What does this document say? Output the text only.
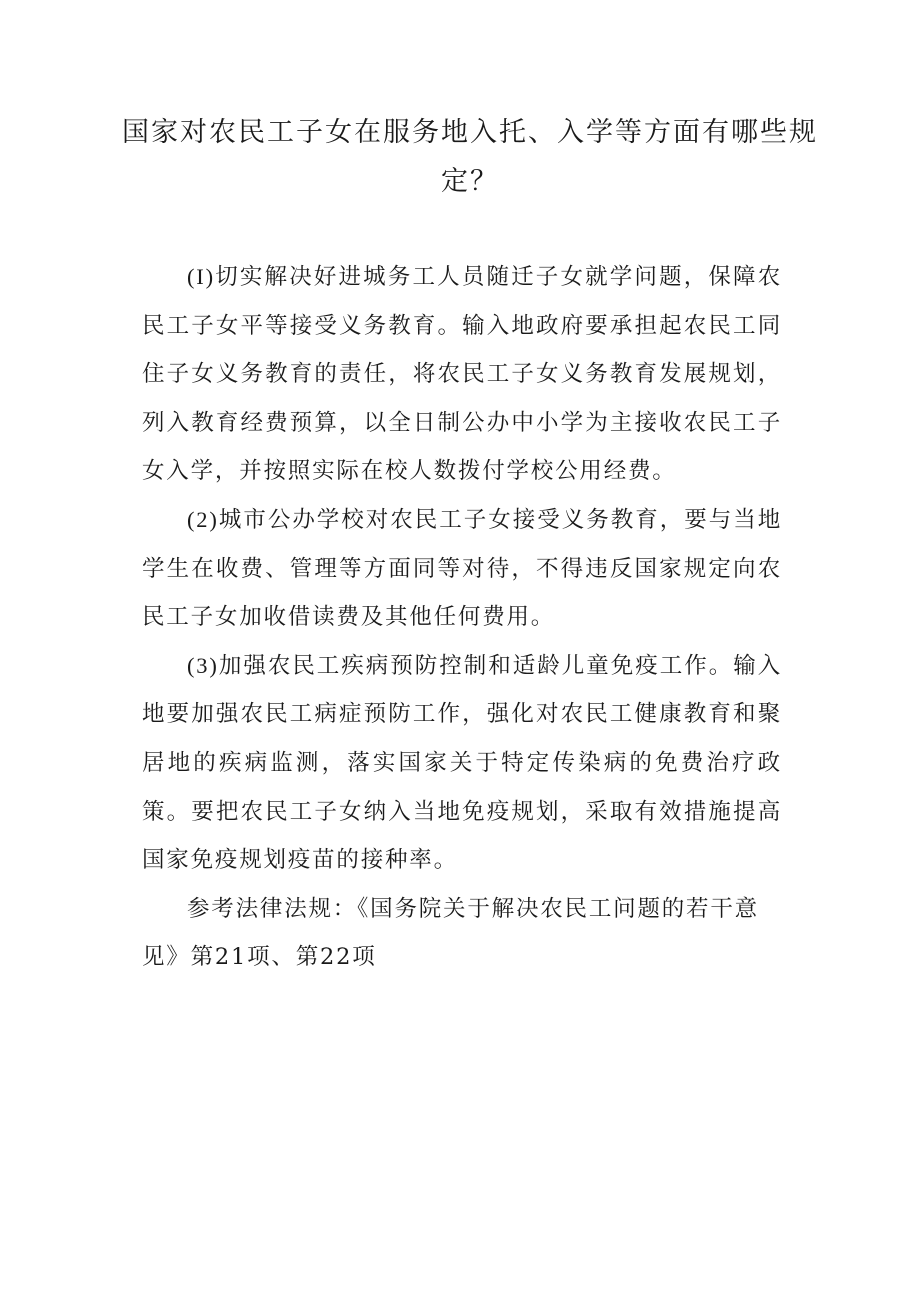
国家对农民工子女在服务地入托、入学等方面有哪些规定？

(I)切实解决好进城务工人员随迁子女就学问题，保障农民工子女平等接受义务教育。输入地政府要承担起农民工同住子女义务教育的责任，将农民工子女义务教育发展规划，列入教育经费预算，以全日制公办中小学为主接收农民工子女入学，并按照实际在校人数拨付学校公用经费。

(2)城市公办学校对农民工子女接受义务教育，要与当地学生在收费、管理等方面同等对待，不得违反国家规定向农民工子女加收借读费及其他任何费用。

(3)加强农民工疾病预防控制和适龄儿童免疫工作。输入地要加强农民工病症预防工作，强化对农民工健康教育和聚居地的疾病监测，落实国家关于特定传染病的免费治疗政策。要把农民工子女纳入当地免疫规划，采取有效措施提高国家免疫规划疫苗的接种率。

参考法律法规：《国务院关于解决农民工问题的若干意见》第21项、第22项
